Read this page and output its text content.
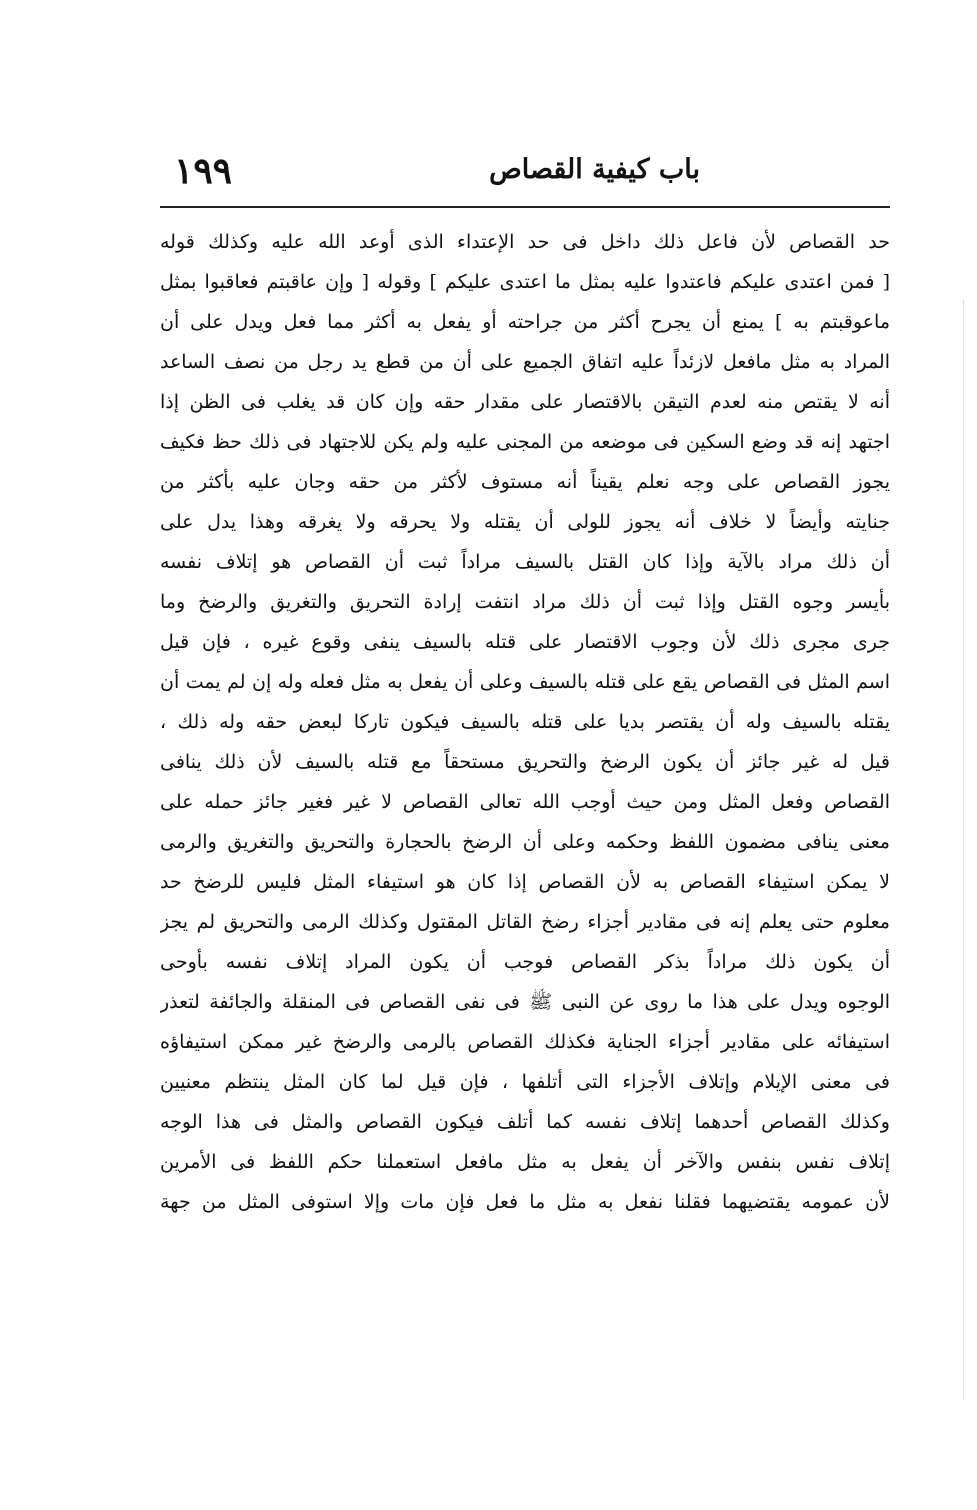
باب كيفية القصاص
١٩٩
حد القصاص لأن فاعل ذلك داخل فى حد الإعتداء الذى أوعد الله عليه وكذلك قوله
[ فمن اعتدى عليكم فاعتدوا عليه بمثل ما اعتدى عليكم ] وقوله [ وإن عاقبتم فعاقبوا بمثل
ماعوقبتم به ] يمنع أن يجرح أكثر من جراحته أو يفعل به أكثر مما فعل ويدل على أن
المراد به مثل مافعل لازئداً عليه اتفاق الجميع على أن من قطع يد رجل من نصف الساعد
أنه لا يقتص منه لعدم التيقن بالاقتصار على مقدار حقه وإن كان قد يغلب فى الظن إذا
اجتهد إنه قد وضع السكين فى موضعه من المجنى عليه ولم يكن للاجتهاد فى ذلك حظ فكيف
يجوز القصاص على وجه نعلم يقيناً أنه مستوف لأكثر من حقه وجان عليه بأكثر من
جنايته وأيضاً لا خلاف أنه يجوز للولى أن يقتله ولا يحرقه ولا يغرقه وهذا يدل على
أن ذلك مراد بالآية وإذا كان القتل بالسيف مراداً ثبت أن القصاص هو إتلاف نفسه
بأيسر وجوه القتل وإذا ثبت أن ذلك مراد انتفت إرادة التحريق والتغريق والرضخ وما
جرى مجرى ذلك لأن وجوب الاقتصار على قتله بالسيف ينفى وقوع غيره ، فإن قيل
اسم المثل فى القصاص يقع على قتله بالسيف وعلى أن يفعل به مثل فعله وله إن لم يمت أن
يقتله بالسيف وله أن يقتصر بديا على قتله بالسيف فيكون تاركا لبعض حقه وله ذلك ،
قيل له غير جائز أن يكون الرضخ والتحريق مستحقاً مع قتله بالسيف لأن ذلك ينافى
القصاص وفعل المثل ومن حيث أوجب الله تعالى القصاص لا غير فغير جائز حمله على
معنى ينافى مضمون اللفظ وحكمه وعلى أن الرضخ بالحجارة والتحريق والتغريق والرمى
لا يمكن استيفاء القصاص به لأن القصاص إذا كان هو استيفاء المثل فليس للرضخ حد
معلوم حتى يعلم إنه فى مقادير أجزاء رضخ القاتل المقتول وكذلك الرمى والتحريق لم يجز
أن يكون ذلك مراداً بذكر القصاص فوجب أن يكون المراد إتلاف نفسه بأوحى
الوجوه ويدل على هذا ما روى عن النبى ﷺ فى نفى القصاص فى المنقلة والجائفة لتعذر
استيفائه على مقادير أجزاء الجناية فكذلك القصاص بالرمى والرضخ غير ممكن استيفاؤه
فى معنى الإيلام وإتلاف الأجزاء التى أتلفها ، فإن قيل لما كان المثل ينتظم معنيين
وكذلك القصاص أحدهما إتلاف نفسه كما أتلف فيكون القصاص والمثل فى هذا الوجه
إتلاف نفس بنفس والآخر أن يفعل به مثل مافعل استعملنا حكم اللفظ فى الأمرين
لأن عمومه يقتضيهما فقلنا نفعل به مثل ما فعل فإن مات وإلا استوفى المثل من جهة
